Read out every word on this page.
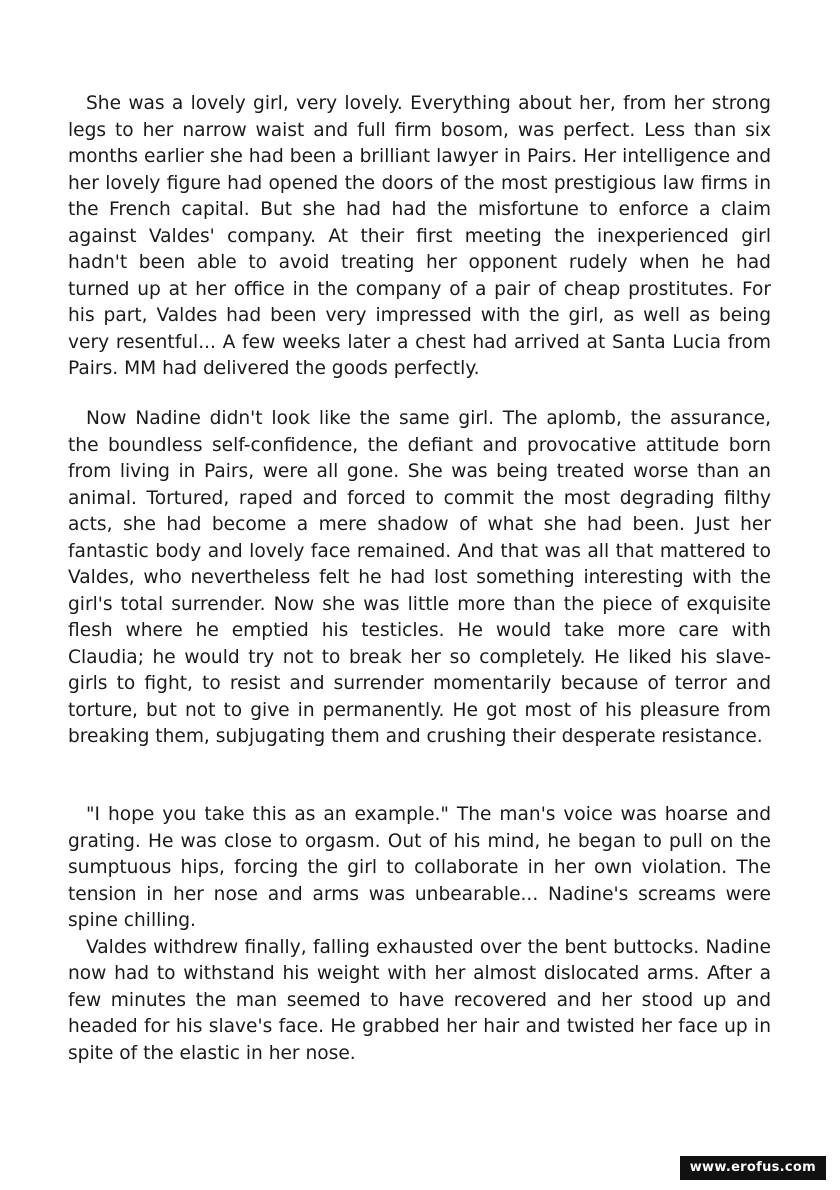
She was a lovely girl, very lovely. Everything about her, from her strong legs to her narrow waist and full firm bosom, was perfect. Less than six months earlier she had been a brilliant lawyer in Pairs. Her intelligence and her lovely figure had opened the doors of the most prestigious law firms in the French capital. But she had had the misfortune to enforce a claim against Valdes' company. At their first meeting the inexperienced girl hadn't been able to avoid treating her opponent rudely when he had turned up at her office in the company of a pair of cheap prostitutes. For his part, Valdes had been very impressed with the girl, as well as being very resentful... A few weeks later a chest had arrived at Santa Lucia from Pairs. MM had delivered the goods perfectly.

Now Nadine didn't look like the same girl. The aplomb, the assurance, the boundless self-confidence, the defiant and provocative attitude born from living in Pairs, were all gone. She was being treated worse than an animal. Tortured, raped and forced to commit the most degrading filthy acts, she had become a mere shadow of what she had been. Just her fantastic body and lovely face remained. And that was all that mattered to Valdes, who nevertheless felt he had lost something interesting with the girl's total surrender. Now she was little more than the piece of exquisite flesh where he emptied his testicles. He would take more care with Claudia; he would try not to break her so completely. He liked his slave-girls to fight, to resist and surrender momentarily because of terror and torture, but not to give in permanently. He got most of his pleasure from breaking them, subjugating them and crushing their desperate resistance.

"I hope you take this as an example." The man's voice was hoarse and grating. He was close to orgasm. Out of his mind, he began to pull on the sumptuous hips, forcing the girl to collaborate in her own violation. The tension in her nose and arms was unbearable... Nadine's screams were spine chilling.

Valdes withdrew finally, falling exhausted over the bent buttocks. Nadine now had to withstand his weight with her almost dislocated arms. After a few minutes the man seemed to have recovered and her stood up and headed for his slave's face. He grabbed her hair and twisted her face up in spite of the elastic in her nose.

www.erofus.com
